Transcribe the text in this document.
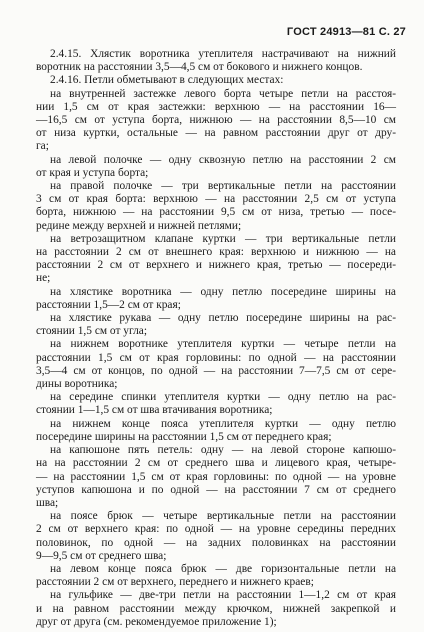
ГОСТ 24913—81 С. 27

2.4.15. Хлястик воротника утеплителя настрачивают на нижний
воротник на расстоянии 3,5—4,5 см от бокового и нижнего концов.

2.4.16. Петли обметывают в следующих местах:

на внутренней застежке левого борта четыре петли на расстоя-
нии 1,5 см от края застежки: верхнюю — на расстоянии 16—
—16,5 см от уступа борта, нижнюю — на расстоянии 8,5—10 см
от низа куртки, остальные — на равном расстоянии друг от дру-
га;

на левой полочке — одну сквозную петлю на расстоянии 2 см
от края и уступа борта;

на правой полочке — три вертикальные петли на расстоянии
3 см от края борта: верхнюю — на расстоянии 2,5 см от уступа
борта, нижнюю — на расстоянии 9,5 см от низа, третью — посе-
редине между верхней и нижней петлями;

на ветрозащитном клапане куртки — три вертикальные петли
на расстоянии 2 см от внешнего края: верхнюю и нижнюю — на
расстоянии 2 см от верхнего и нижнего края, третью — посереди-
не;

на хлястике воротника — одну петлю посередине ширины на
расстоянии 1,5—2 см от края;

на хлястике рукава — одну петлю посередине ширины на рас-
стоянии 1,5 см от угла;

на нижнем воротнике утеплителя куртки — четыре петли на
расстоянии 1,5 см от края горловины: по одной — на расстоянии
3,5—4 см от концов, по одной — на расстоянии 7—7,5 см от сере-
дины воротника;

на середине спинки утеплителя куртки — одну петлю на рас-
стоянии 1—1,5 см от шва втачивания воротника;

на нижнем конце пояса утеплителя куртки — одну петлю
посередине ширины на расстоянии 1,5 см от переднего края;

на капюшоне пять петель: одну — на левой стороне капюшо-
на на расстоянии 2 см от среднего шва и лицевого края, четыре-
— на расстоянии 1,5 см от края горловины: по одной — на уровне
уступов капюшона и по одной — на расстоянии 7 см от среднего
шва;

на поясе брюк — четыре вертикальные петли на расстоянии
2 см от верхнего края: по одной — на уровне середины передних
половинок, по одной — на задних половинках на расстоянии
9—9,5 см от среднего шва;

на левом конце пояса брюк — две горизонтальные петли на
расстоянии 2 см от верхнего, переднего и нижнего краев;

на гульфике — две-три петли на расстоянии 1—1,2 см от края
и на равном расстоянии между крючком, нижней закрепкой и
друг от друга (см. рекомендуемое приложение 1);
